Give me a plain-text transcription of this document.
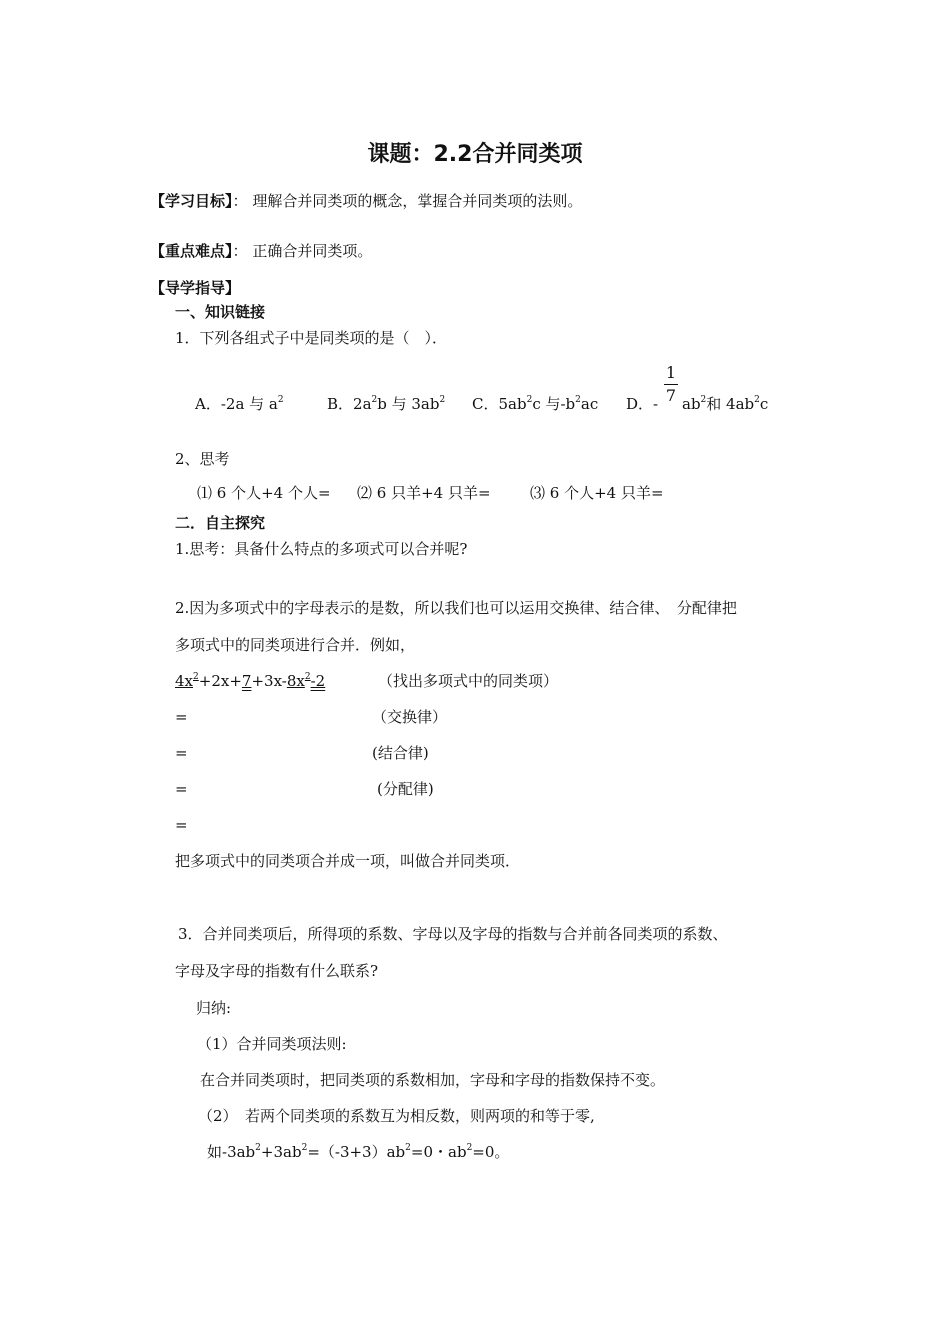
课题：2.2合并同类项
【学习目标】： 理解合并同类项的概念，掌握合并同类项的法则。
【重点难点】： 正确合并同类项。
【导学指导】
一、知识链接
1．下列各组式子中是同类项的是（　）．
A．-2a 与 $a^2$	B．$2a^2b$ 与 $3ab^2$ C．$5ab^2c$ 与$-b^2ac$ D．-
1
7 $ab^2$和 $4ab^2c$
2、思考
⑴ 6 个人+4 个人= ⑵ 6 只羊+4 只羊=	⑶ 6 个人+4 只羊=
二．自主探究
1.思考：具备什么特点的多项式可以合并呢?
2.因为多项式中的字母表示的是数，所以我们也可以运用交换律、结合律、　分配律把
多项式中的同类项进行合并．例如，
$4x^2+2x+7+3x-8x^2-2$	（找出多项式中的同类项）
=	（交换律）
=	(结合律)
=	(分配律)
=
把多项式中的同类项合并成一项，叫做合并同类项．
3．合并同类项后，所得项的系数、字母以及字母的指数与合并前各同类项的系数、
字母及字母的指数有什么联系?
归纳:
（1）合并同类项法则:
在合并同类项时，把同类项的系数相加，字母和字母的指数保持不变。
（2）　若两个同类项的系数互为相反数，则两项的和等于零,
如$-3ab^2+3ab^2=(-3+3)ab^2=0$・$ab^2=0$。
